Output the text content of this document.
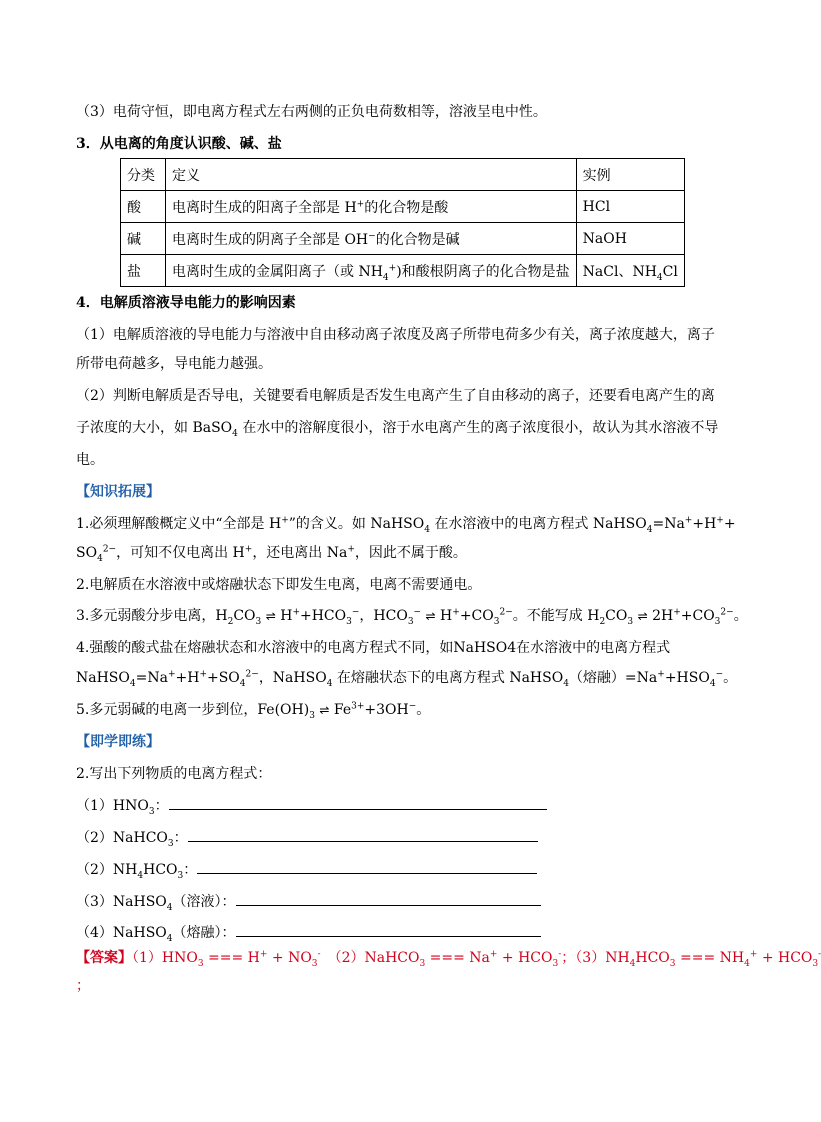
（3）电荷守恒，即电离方程式左右两侧的正负电荷数相等，溶液呈电中性。
3．从电离的角度认识酸、碱、盐
分类	定义	实例
酸	电离时生成的阳离子全部是 H+的化合物是酸	HCl
碱	电离时生成的阴离子全部是 OH−的化合物是碱	NaOH
盐	电离时生成的金属阳离子（或 $NH_4^+$)和酸根阴离子的化合物是盐	NaCl、$NH_4Cl$
4．电解质溶液导电能力的影响因素
（1）电解质溶液的导电能力与溶液中自由移动离子浓度及离子所带电荷多少有关，离子浓度越大，离子
所带电荷越多，导电能力越强。
（2）判断电解质是否导电，关键要看电解质是否发生电离产生了自由移动的离子，还要看电离产生的离
子浓度的大小，如 BaSO$_4$ 在水中的溶解度很小，溶于水电离产生的离子浓度很小，故认为其水溶液不导
电。
【知识拓展】
1.必须理解酸概定义中“全部是 H+”的含义。如 NaHSO$_4$ 在水溶液中的电离方程式 NaHSO$_4$=Na++H++
$SO_4^{2-}$，可知不仅电离出 H+，还电离出 Na+，因此不属于酸。
2.电解质在水溶液中或熔融状态下即发生电离，电离不需要通电。
3.多元弱酸分步电离，$H_2CO_3$ ⇌ $H^++HCO_3^-$，$HCO_3^-$ ⇌ $H^++CO_3^{2-}$。不能写成 $H_2CO_3$ ⇌ $2H^++CO_3^{2-}$。
4.强酸的酸式盐在熔融状态和水溶液中的电离方程式不同，如NaHSO4在水溶液中的电离方程式
$NaHSO_4=Na^++H^++SO_4^{2-}$，NaHSO$_4$ 在熔融状态下的电离方程式 NaHSO$_4$（熔融）$=Na^++HSO_4^-$。
5.多元弱碱的电离一步到位，$Fe(OH)_3$ ⇌ $Fe^{3+}+3OH^-$。
【即学即练】
2.写出下列物质的电离方程式：
$(1)HNO_3$：
（2）NaHCO$_3$：
$(2)NH_4HCO_3$：
（3）NaHSO$_4$（溶液）：
（4）NaHSO$_4$（熔融）：
【答案】$(1)HNO_3$ === $H^+ + NO_3^-$　（2）NaHCO$_3$ === $Na^+ + HCO_3^-$；$(3)NH_4HCO_3$ === $NH_4^+ + HCO_3^-$
；
